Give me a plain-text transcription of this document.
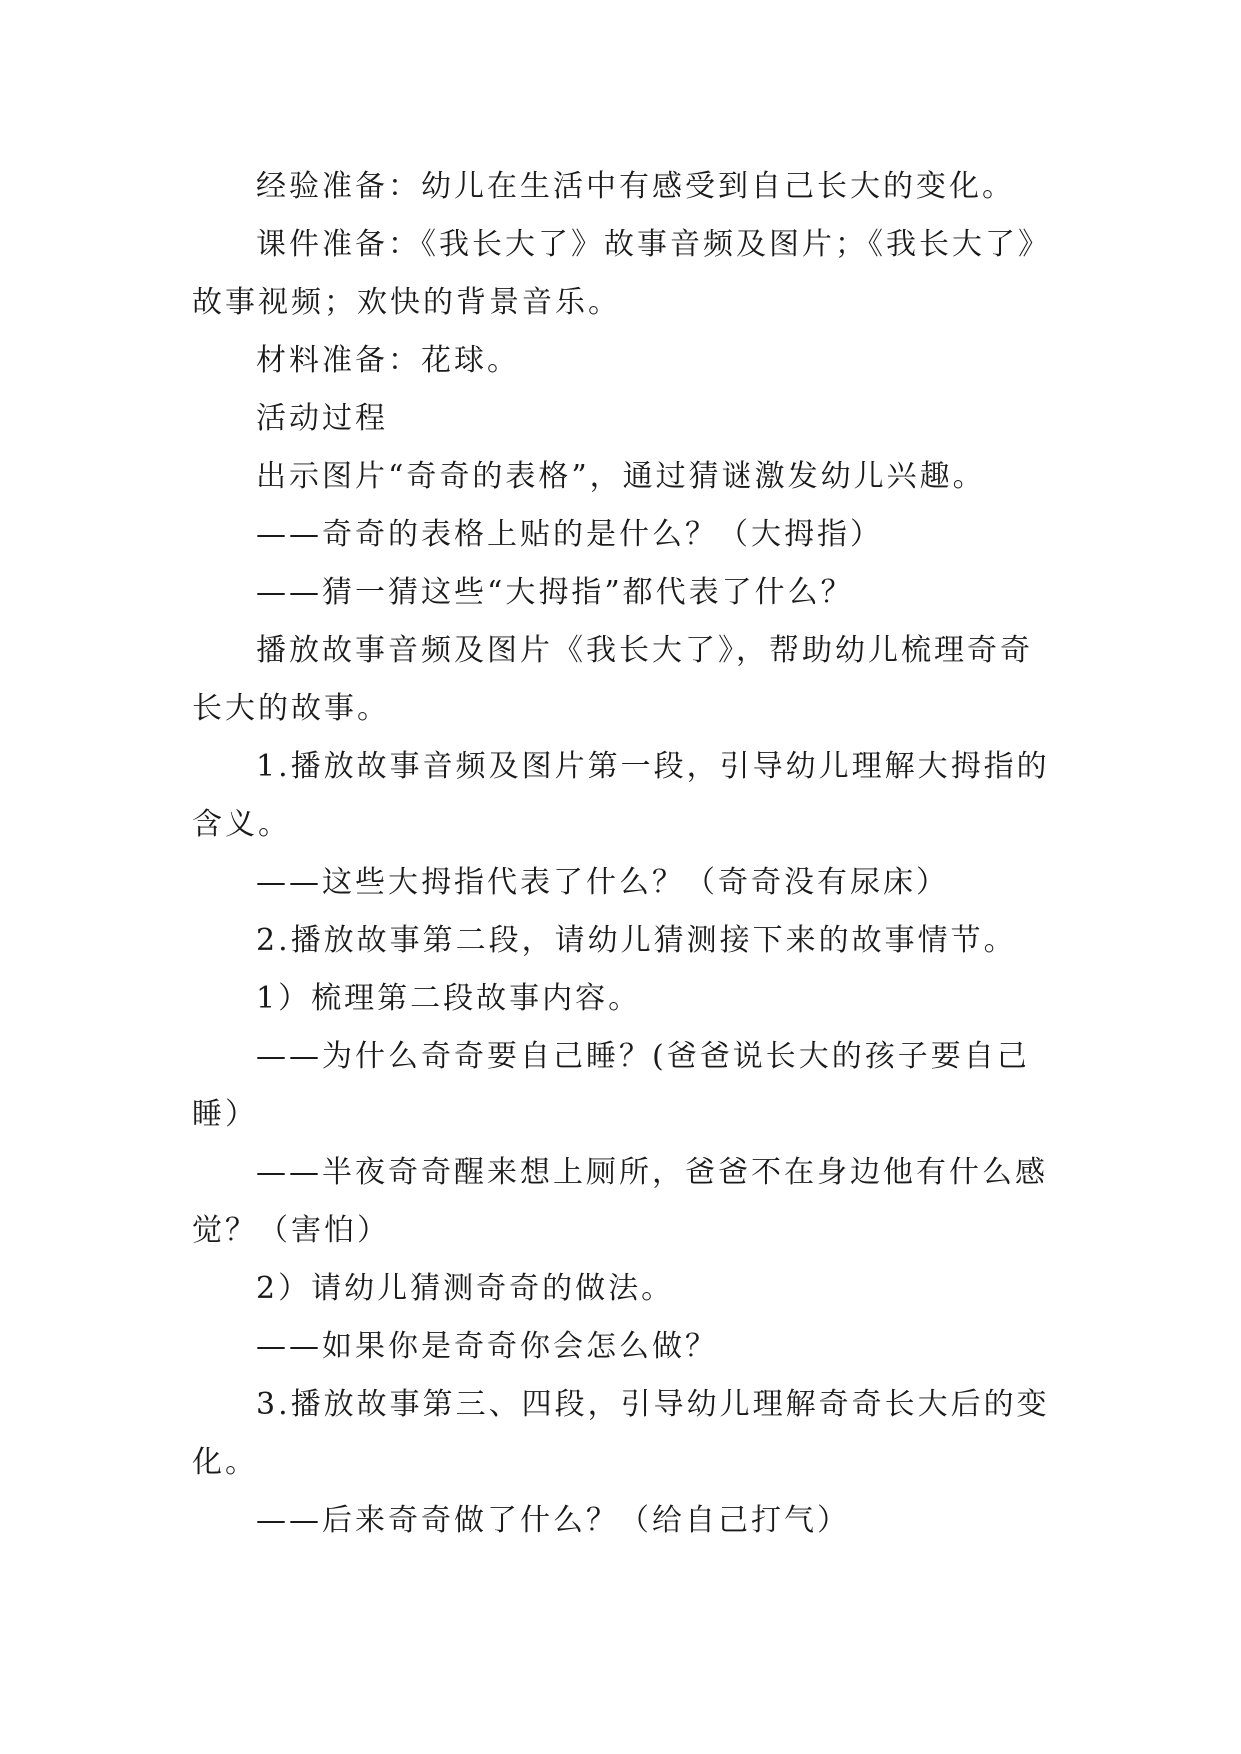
经验准备：幼儿在生活中有感受到自己长大的变化。

课件准备：《我长大了》故事音频及图片；《我长大了》故事视频；欢快的背景音乐。

材料准备：花球。

活动过程

出示图片“奇奇的表格”，通过猜谜激发幼儿兴趣。

——奇奇的表格上贴的是什么？（大拇指）

——猜一猜这些“大拇指”都代表了什么？

播放故事音频及图片《我长大了》，帮助幼儿梳理奇奇长大的故事。

1.播放故事音频及图片第一段，引导幼儿理解大拇指的含义。

——这些大拇指代表了什么？（奇奇没有尿床）

2.播放故事第二段，请幼儿猜测接下来的故事情节。

1）梳理第二段故事内容。

——为什么奇奇要自己睡？(爸爸说长大的孩子要自己睡）

——半夜奇奇醒来想上厕所，爸爸不在身边他有什么感觉？（害怕）

2）请幼儿猜测奇奇的做法。

——如果你是奇奇你会怎么做？

3.播放故事第三、四段，引导幼儿理解奇奇长大后的变化。

——后来奇奇做了什么？（给自己打气）
